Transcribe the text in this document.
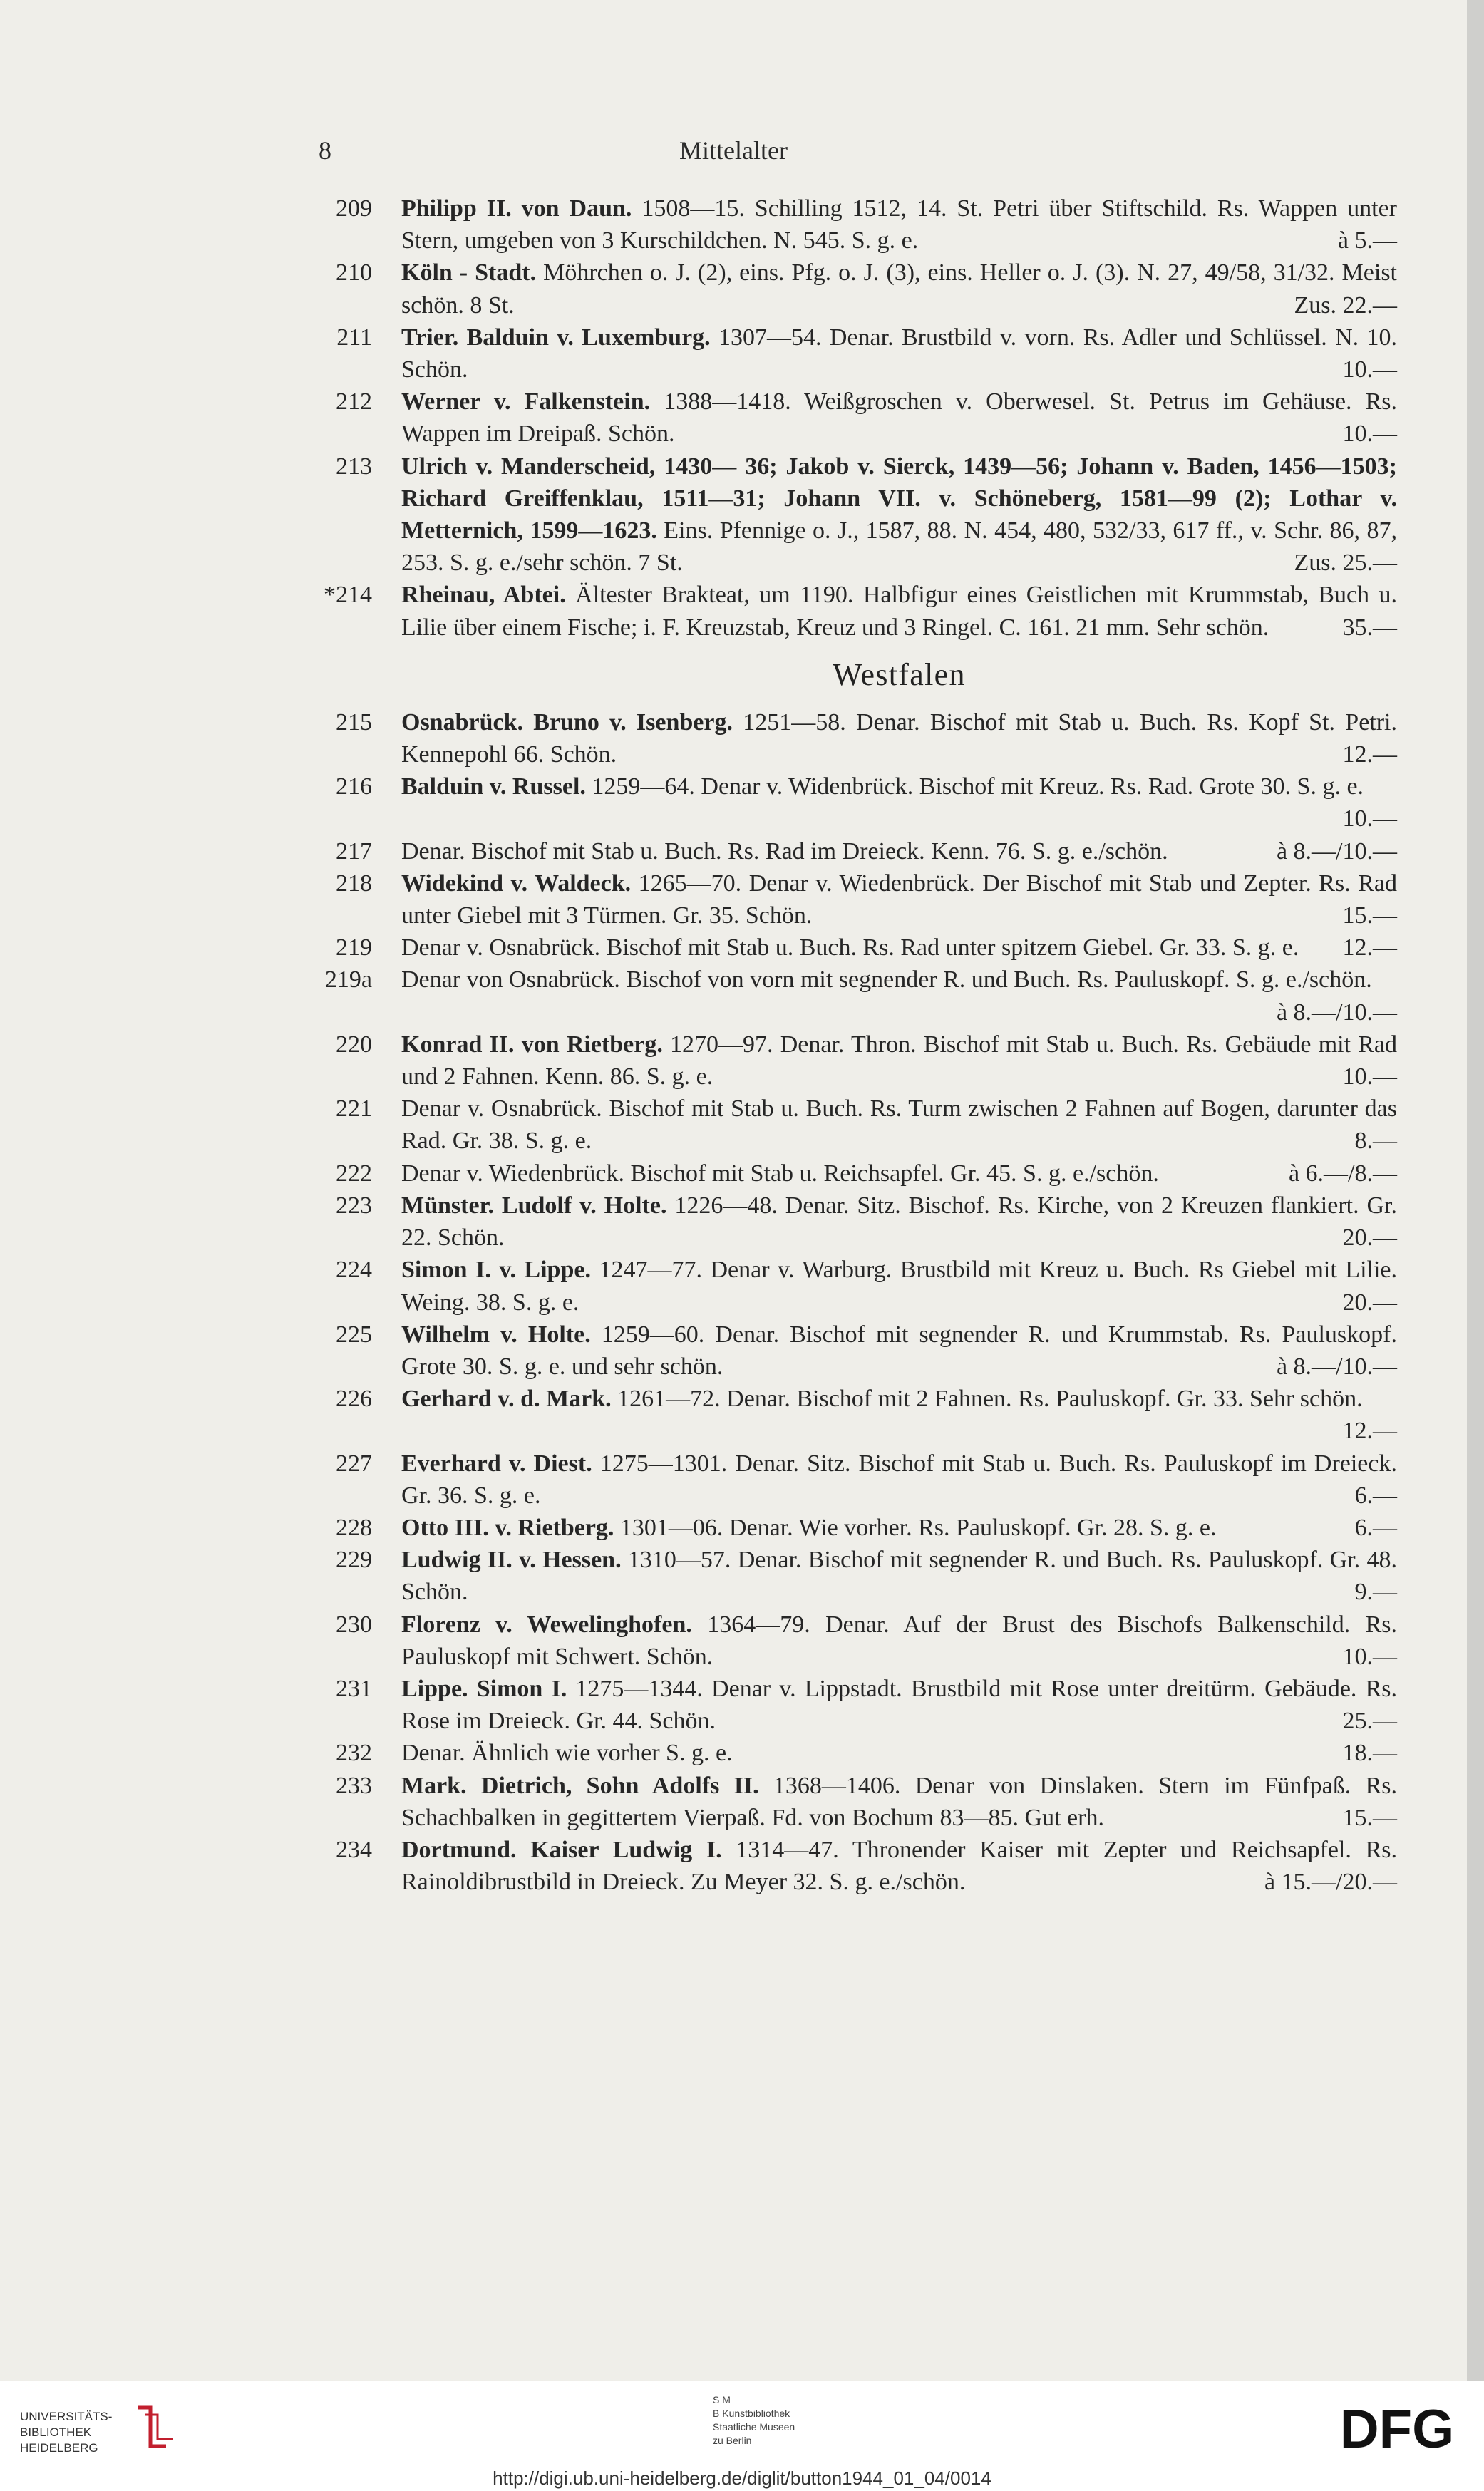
8	Mittelalter
209 Philipp II. von Daun. 1508—15. Schilling 1512, 14. St. Petri über Stiftschild. Rs. Wappen unter Stern, umgeben von 3 Kurschildchen. N. 545. S. g. e.	à 5.—
210 Köln - Stadt. Möhrchen o. J. (2), eins. Pfg. o. J. (3), eins. Heller o. J. (3). N. 27, 49/58, 31/32. Meist schön. 8 St.	Zus. 22.—
211 Trier. Balduin v. Luxemburg. 1307—54. Denar. Brustbild v. vorn. Rs. Adler und Schlüssel. N. 10. Schön.	10.—
212 Werner v. Falkenstein. 1388—1418. Weißgroschen v. Oberwesel. St. Petrus im Gehäuse. Rs. Wappen im Dreipaß. Schön.	10.—
213 Ulrich v. Manderscheid, 1430— 36; Jakob v. Sierck, 1439—56; Johann v. Baden, 1456—1503; Richard Greiffenklau, 1511—31; Johann VII. v. Schöneberg, 1581—99 (2); Lothar v. Metternich, 1599—1623. Eins. Pfennige o. J., 1587, 88. N. 454, 480, 532/33, 617 ff., v. Schr. 86, 87, 253. S. g. e./sehr schön. 7 St.	Zus. 25.—
*214 Rheinau, Abtei. Ältester Brakteat, um 1190. Halbfigur eines Geistlichen mit Krummstab, Buch u. Lilie über einem Fische; i. F. Kreuzstab, Kreuz und 3 Ringel. C. 161. 21 mm. Sehr schön.	35.—
Westfalen
215 Osnabrück. Bruno v. Isenberg. 1251—58. Denar. Bischof mit Stab u. Buch. Rs. Kopf St. Petri. Kennepohl 66. Schön.	12.—
216 Balduin v. Russel. 1259—64. Denar v. Widenbrück. Bischof mit Kreuz. Rs. Rad. Grote 30. S. g. e.
10.—
217 Denar. Bischof mit Stab u. Buch. Rs. Rad im Dreieck. Kenn. 76. S. g. e./schön.	à 8.—/10.—
218 Widekind v. Waldeck. 1265—70. Denar v. Wiedenbrück. Der Bischof mit Stab und Zepter. Rs. Rad unter Giebel mit 3 Türmen. Gr. 35. Schön.	15.—
219 Denar v. Osnabrück. Bischof mit Stab u. Buch. Rs. Rad unter spitzem Giebel. Gr. 33. S. g. e.	12.—
219a Denar von Osnabrück. Bischof von vorn mit segnender R. und Buch. Rs. Pauluskopf. S. g. e./schön.
à 8.—/10.—
220 Konrad II. von Rietberg. 1270—97. Denar. Thron. Bischof mit Stab u. Buch. Rs. Gebäude mit Rad und 2 Fahnen. Kenn. 86. S. g. e.	10.—
221 Denar v. Osnabrück. Bischof mit Stab u. Buch. Rs. Turm zwischen 2 Fahnen auf Bogen, darunter das Rad. Gr. 38. S. g. e.	8.—
222 Denar v. Wiedenbrück. Bischof mit Stab u. Reichsapfel. Gr. 45. S. g. e./schön.	à 6.—/8.—
223 Münster. Ludolf v. Holte. 1226—48. Denar. Sitz. Bischof. Rs. Kirche, von 2 Kreuzen flankiert. Gr. 22. Schön.	20.—
224 Simon I. v. Lippe. 1247—77. Denar v. Warburg. Brustbild mit Kreuz u. Buch. Rs Giebel mit Lilie. Weing. 38. S. g. e.	20.—
225 Wilhelm v. Holte. 1259—60. Denar. Bischof mit segnender R. und Krummstab. Rs. Pauluskopf. Grote 30. S. g. e. und sehr schön.	à 8.—/10.—
226 Gerhard v. d. Mark. 1261—72. Denar. Bischof mit 2 Fahnen. Rs. Pauluskopf. Gr. 33. Sehr schön.
12.—
227 Everhard v. Diest. 1275—1301. Denar. Sitz. Bischof mit Stab u. Buch. Rs. Pauluskopf im Dreieck. Gr. 36. S. g. e.	6.—
228 Otto III. v. Rietberg. 1301—06. Denar. Wie vorher. Rs. Pauluskopf. Gr. 28. S. g. e.	6.—
229 Ludwig II. v. Hessen. 1310—57. Denar. Bischof mit segnender R. und Buch. Rs. Pauluskopf. Gr. 48. Schön.	9.—
230 Florenz v. Wewelinghofen. 1364—79. Denar. Auf der Brust des Bischofs Balkenschild. Rs. Pauluskopf mit Schwert. Schön.	10.—
231 Lippe. Simon I. 1275—1344. Denar v. Lippstadt. Brustbild mit Rose unter dreitürm. Gebäude. Rs. Rose im Dreieck. Gr. 44. Schön.	25.—
232 Denar. Ähnlich wie vorher S. g. e.	18.—
233 Mark. Dietrich, Sohn Adolfs II. 1368—1406. Denar von Dinslaken. Stern im Fünfpaß. Rs. Schachbalken in gegittertem Vierpaß. Fd. von Bochum 83—85. Gut erh.	15.—
234 Dortmund. Kaiser Ludwig I. 1314—47. Thronender Kaiser mit Zepter und Reichsapfel. Rs. Rainoldibrustbild in Dreieck. Zu Meyer 32. S. g. e./schön.	à 15.—/20.—
UNIVERSITÄTS-
BIBLIOTHEK
HEIDELBERG
S M
B Kunstbibliothek
Staatliche Museen
zu Berlin	DFG
http://digi.ub.uni-heidelberg.de/diglit/button1944_01_04/0014
